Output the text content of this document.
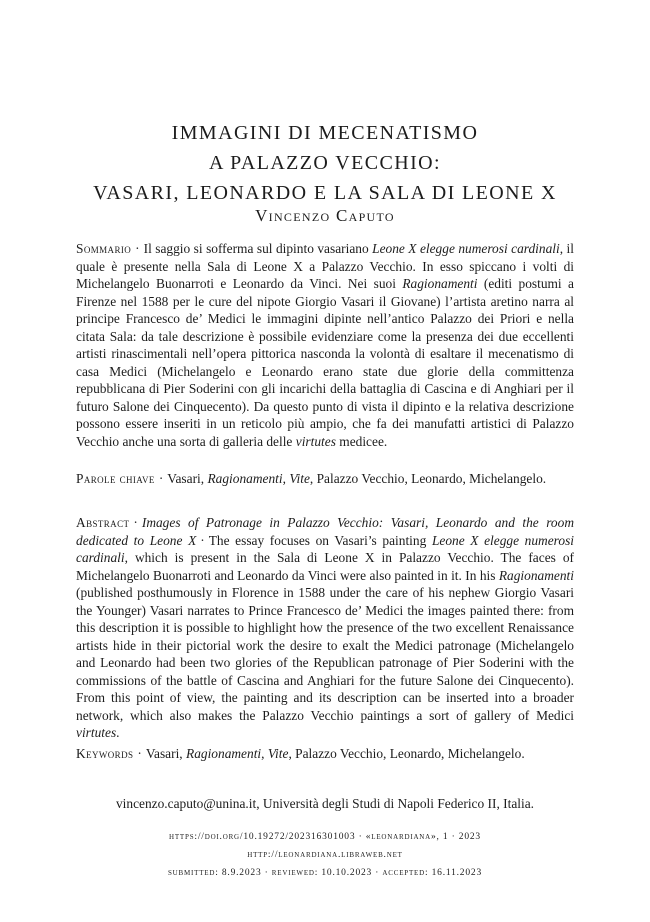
IMMAGINI DI MECENATISMO
A PALAZZO VECCHIO:
VASARI, LEONARDO E LA SALA DI LEONE X
Vincenzo Caputo
Sommario · Il saggio si sofferma sul dipinto vasariano Leone X elegge numerosi cardinali, il quale è presente nella Sala di Leone X a Palazzo Vecchio. In esso spiccano i volti di Michelangelo Buonarroti e Leonardo da Vinci. Nei suoi Ragionamenti (editi postumi a Firenze nel 1588 per le cure del nipote Giorgio Vasari il Giovane) l’artista aretino narra al principe Francesco de’ Medici le immagini dipinte nell’antico Palazzo dei Priori e nella citata Sala: da tale descrizione è possibile evidenziare come la presenza dei due eccellenti artisti rinascimentali nell’opera pittorica nasconda la volontà di esaltare il mecenatismo di casa Medici (Michelangelo e Leonardo erano state due glorie della committenza repubblicana di Pier Soderini con gli incarichi della battaglia di Cascina e di Anghiari per il futuro Salone dei Cinquecento). Da questo punto di vista il dipinto e la relativa descrizione possono essere inseriti in un reticolo più ampio, che fa dei manufatti artistici di Palazzo Vecchio anche una sorta di galleria delle virtutes medicee.
Parole chiave · Vasari, Ragionamenti, Vite, Palazzo Vecchio, Leonardo, Michelangelo.
Abstract · Images of Patronage in Palazzo Vecchio: Vasari, Leonardo and the room dedicated to Leone X · The essay focuses on Vasari’s painting Leone X elegge numerosi cardinali, which is present in the Sala di Leone X in Palazzo Vecchio. The faces of Michelangelo Buonarroti and Leonardo da Vinci were also painted in it. In his Ragionamenti (published posthumously in Florence in 1588 under the care of his nephew Giorgio Vasari the Younger) Vasari narrates to Prince Francesco de’ Medici the images painted there: from this description it is possible to highlight how the presence of the two excellent Renaissance artists hide in their pictorial work the desire to exalt the Medici patronage (Michelangelo and Leonardo had been two glories of the Republican patronage of Pier Soderini with the commissions of the battle of Cascina and Anghiari for the future Salone dei Cinquecento). From this point of view, the painting and its description can be inserted into a broader network, which also makes the Palazzo Vecchio paintings a sort of gallery of Medici virtutes.
Keywords · Vasari, Ragionamenti, Vite, Palazzo Vecchio, Leonardo, Michelangelo.
vincenzo.caputo@unina.it, Università degli Studi di Napoli Federico II, Italia.
https://doi.org/10.19272/202316301003 · «leonardiana», 1 · 2023
http://leonardiana.libraweb.net
submitted: 8.9.2023 · reviewed: 10.10.2023 · accepted: 16.11.2023
